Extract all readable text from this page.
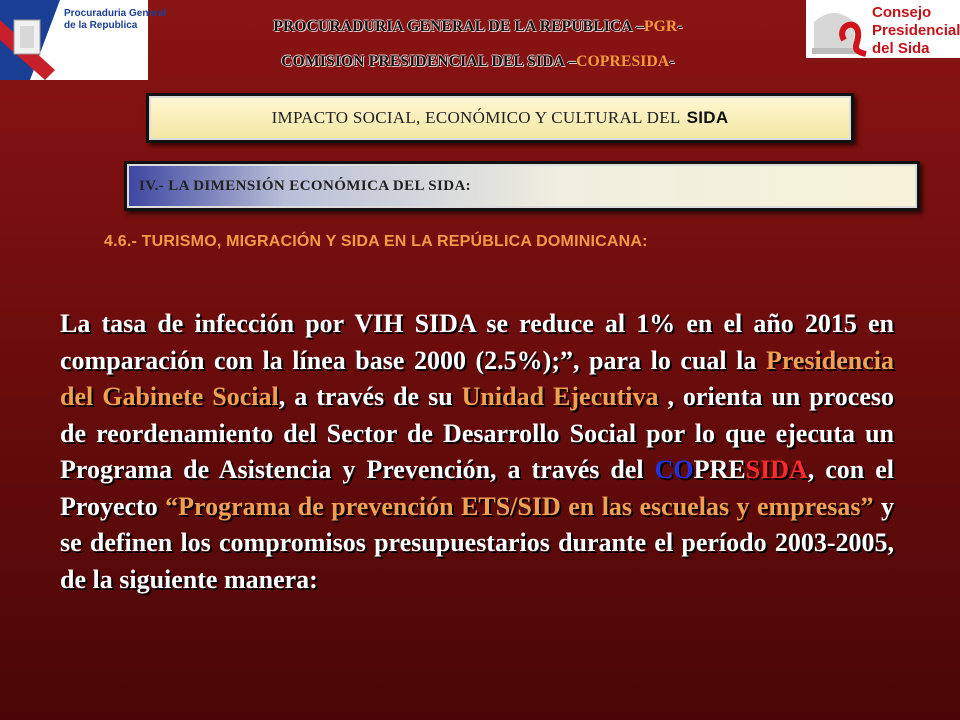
Procuraduria General
de la Republica
Consejo
Presidencial
del Sida
PROCURADURIA GENERAL DE LA REPUBLICA –PGR-
COMISION PRESIDENCIAL DEL SIDA –COPRESIDA-
IMPACTO SOCIAL, ECONÓMICO Y CULTURAL DEL SIDA
IV.- LA DIMENSIÓN ECONÓMICA DEL SIDA:
4.6.- TURISMO, MIGRACIÓN Y SIDA EN LA REPÚBLICA DOMINICANA:
La tasa de infección por VIH SIDA se reduce al 1% en el año 2015 en comparación con la línea base 2000 (2.5%);”, para lo cual la Presidencia del Gabinete Social, a través de su Unidad Ejecutiva , orienta un proceso de reordenamiento del Sector de Desarrollo Social por lo que ejecuta un Programa de Asistencia y Prevención, a través del COPRESIDA, con el Proyecto “Programa de prevención ETS/SID en las escuelas y empresas” y se definen los compromisos presupuestarios durante el período 2003-2005, de la siguiente manera:
